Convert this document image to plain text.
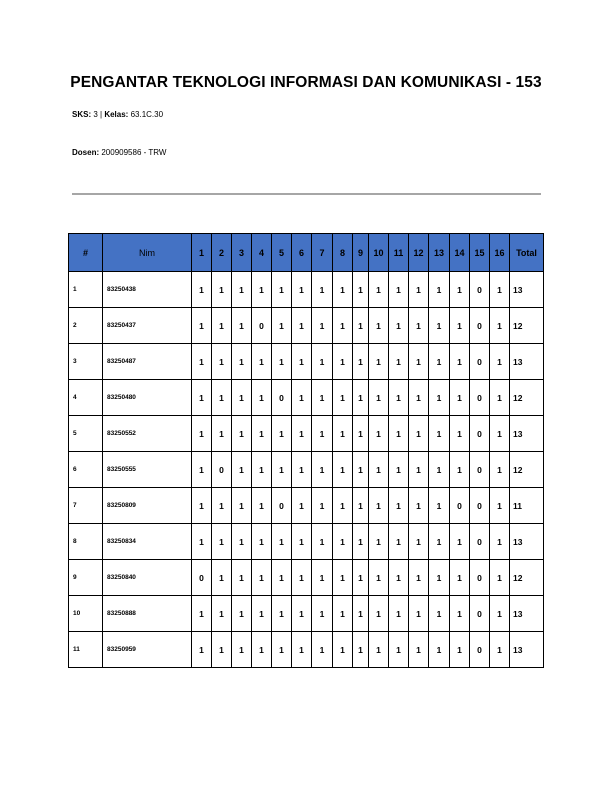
PENGANTAR TEKNOLOGI INFORMASI DAN KOMUNIKASI - 153
SKS: 3 | Kelas: 63.1C.30
Dosen: 200909586 - TRW
#	Nim	1	2	3	4	5	6	7	8	9	10	11	12	13	14	15	16	Total
1	83250438	1	1	1	1	1	1	1	1	1	1	1	1	1	1	0	1	13
2	83250437	1	1	1	0	1	1	1	1	1	1	1	1	1	1	0	1	12
3	83250487	1	1	1	1	1	1	1	1	1	1	1	1	1	1	0	1	13
4	83250480	1	1	1	1	0	1	1	1	1	1	1	1	1	1	0	1	12
5	83250552	1	1	1	1	1	1	1	1	1	1	1	1	1	1	0	1	13
6	83250555	1	0	1	1	1	1	1	1	1	1	1	1	1	1	0	1	12
7	83250809	1	1	1	1	0	1	1	1	1	1	1	1	1	0	0	1	11
8	83250834	1	1	1	1	1	1	1	1	1	1	1	1	1	1	0	1	13
9	83250840	0	1	1	1	1	1	1	1	1	1	1	1	1	1	0	1	12
10	83250888	1	1	1	1	1	1	1	1	1	1	1	1	1	1	0	1	13
11	83250959	1	1	1	1	1	1	1	1	1	1	1	1	1	1	0	1	13
